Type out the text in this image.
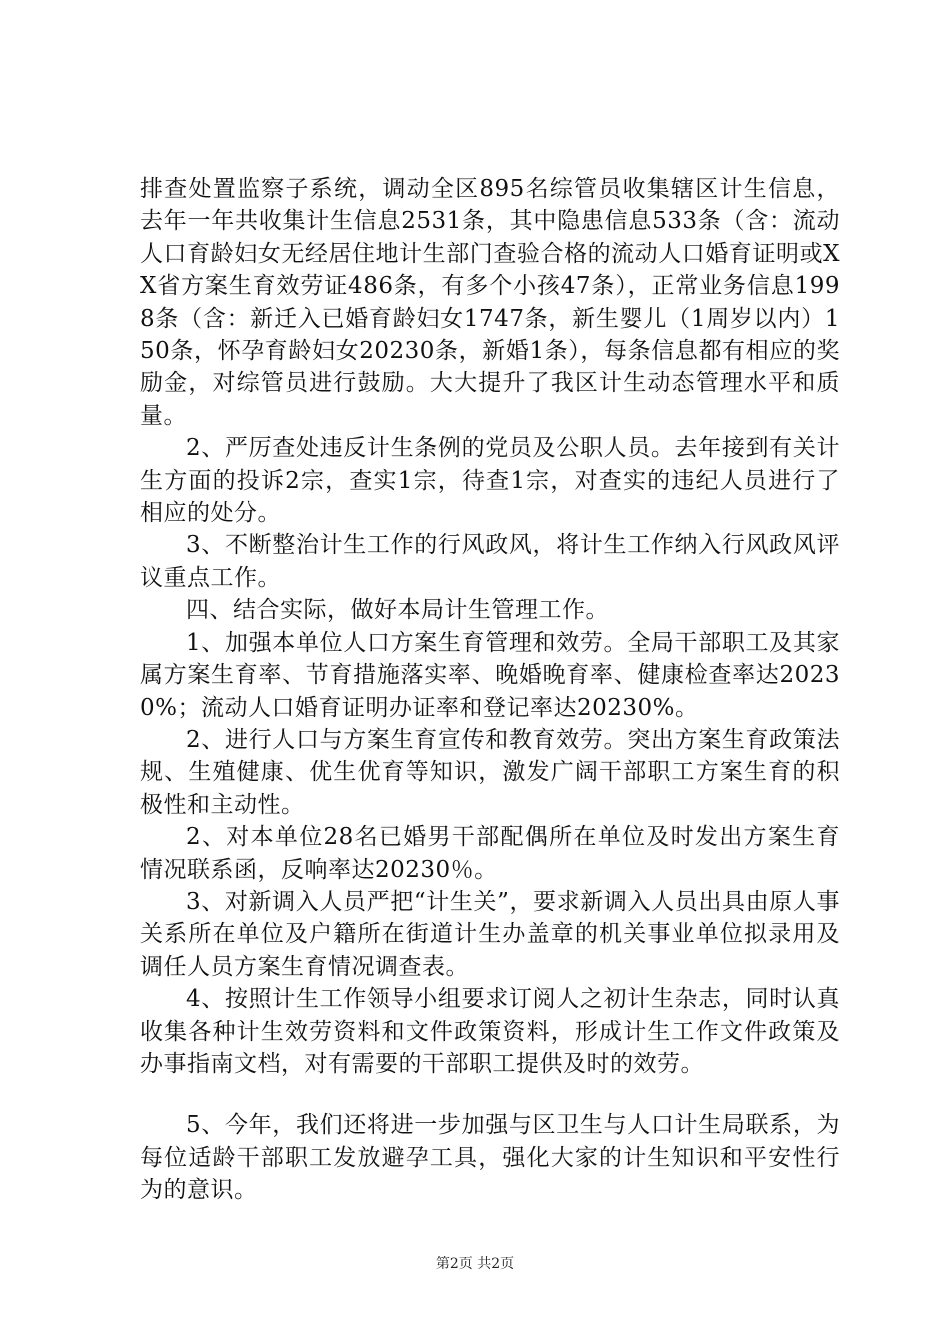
排查处置监察子系统，调动全区895名综管员收集辖区计生信息，去年一年共收集计生信息2531条，其中隐患信息533条（含：流动人口育龄妇女无经居住地计生部门查验合格的流动人口婚育证明或XX省方案生育效劳证486条，有多个小孩47条），正常业务信息1998条（含：新迁入已婚育龄妇女1747条，新生婴儿（1周岁以内）150条，怀孕育龄妇女20230条，新婚1条），每条信息都有相应的奖励金，对综管员进行鼓励。大大提升了我区计生动态管理水平和质量。

2、严厉查处违反计生条例的党员及公职人员。去年接到有关计生方面的投诉2宗，查实1宗，待查1宗，对查实的违纪人员进行了相应的处分。

3、不断整治计生工作的行风政风，将计生工作纳入行风政风评议重点工作。

四、结合实际，做好本局计生管理工作。

1、加强本单位人口方案生育管理和效劳。全局干部职工及其家属方案生育率、节育措施落实率、晚婚晚育率、健康检查率达20230%；流动人口婚育证明办证率和登记率达20230%。

2、进行人口与方案生育宣传和教育效劳。突出方案生育政策法规、生殖健康、优生优育等知识，激发广阔干部职工方案生育的积极性和主动性。

2、对本单位28名已婚男干部配偶所在单位及时发出方案生育情况联系函，反响率达20230％。

3、对新调入人员严把“计生关”，要求新调入人员出具由原人事关系所在单位及户籍所在街道计生办盖章的机关事业单位拟录用及调任人员方案生育情况调查表。

4、按照计生工作领导小组要求订阅人之初计生杂志，同时认真收集各种计生效劳资料和文件政策资料，形成计生工作文件政策及办事指南文档，对有需要的干部职工提供及时的效劳。

5、今年，我们还将进一步加强与区卫生与人口计生局联系，为每位适龄干部职工发放避孕工具，强化大家的计生知识和平安性行为的意识。

第2页 共2页
